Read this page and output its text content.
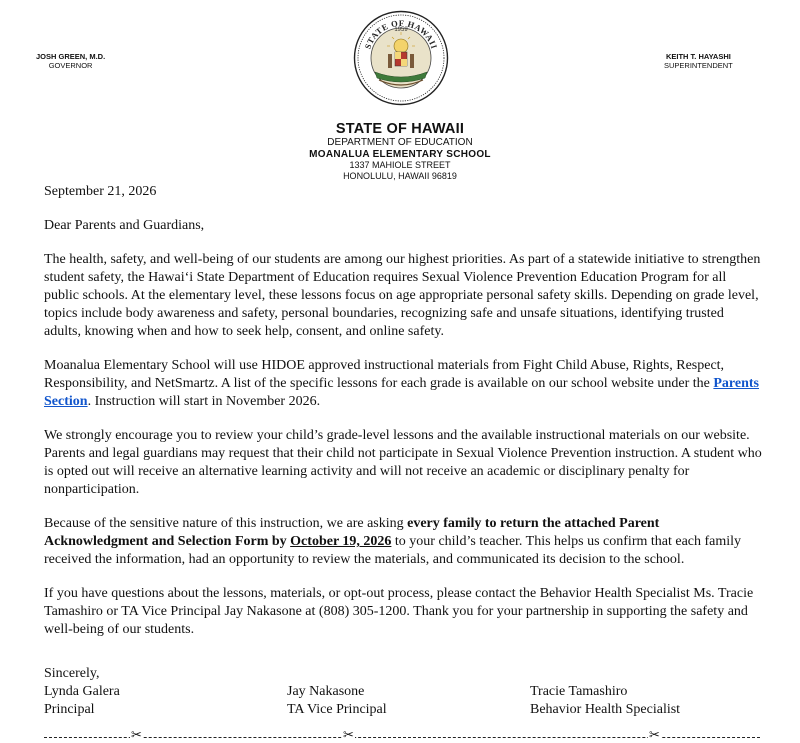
JOSH GREEN, M.D.
GOVERNOR
KEITH T. HAYASHI
SUPERINTENDENT
STATE OF HAWAII
1959
STATE OF HAWAII
DEPARTMENT OF EDUCATION
MOANALUA ELEMENTARY SCHOOL
1337 MAHIOLE STREET
HONOLULU, HAWAII 96819

September 21, 2026

Dear Parents and Guardians,

The health, safety, and well-being of our students are among our highest priorities. As part of a statewide initiative to strengthen student safety, the Hawai‘i State Department of Education requires Sexual Violence Prevention Education Program for all public schools. At the elementary level, these lessons focus on age appropriate personal safety skills. Depending on grade level, topics include body awareness and safety, personal boundaries, recognizing safe and unsafe situations, identifying trusted adults, knowing when and how to seek help, consent, and online safety.

Moanalua Elementary School will use HIDOE approved instructional materials from Fight Child Abuse, Rights, Respect, Responsibility, and NetSmartz. A list of the specific lessons for each grade is available on our school website under the Parents Section. Instruction will start in November 2026.

We strongly encourage you to review your child’s grade-level lessons and the available instructional materials on our website. Parents and legal guardians may request that their child not participate in Sexual Violence Prevention instruction. A student who is opted out will receive an alternative learning activity and will not receive an academic or disciplinary penalty for nonparticipation.

Because of the sensitive nature of this instruction, we are asking every family to return the attached Parent Acknowledgment and Selection Form by October 19, 2026 to your child’s teacher. This helps us confirm that each family received the information, had an opportunity to review the materials, and communicated its decision to the school.

If you have questions about the lessons, materials, or opt-out process, please contact the Behavior Health Specialist Ms. Tracie Tamashiro or TA Vice Principal Jay Nakasone at (808) 305-1200. Thank you for your partnership in supporting the safety and well-being of our students.

Sincerely,
Lynda Galera
Principal
Jay Nakasone
TA Vice Principal
Tracie Tamashiro
Behavior Health Specialist
✂	✂	✂
